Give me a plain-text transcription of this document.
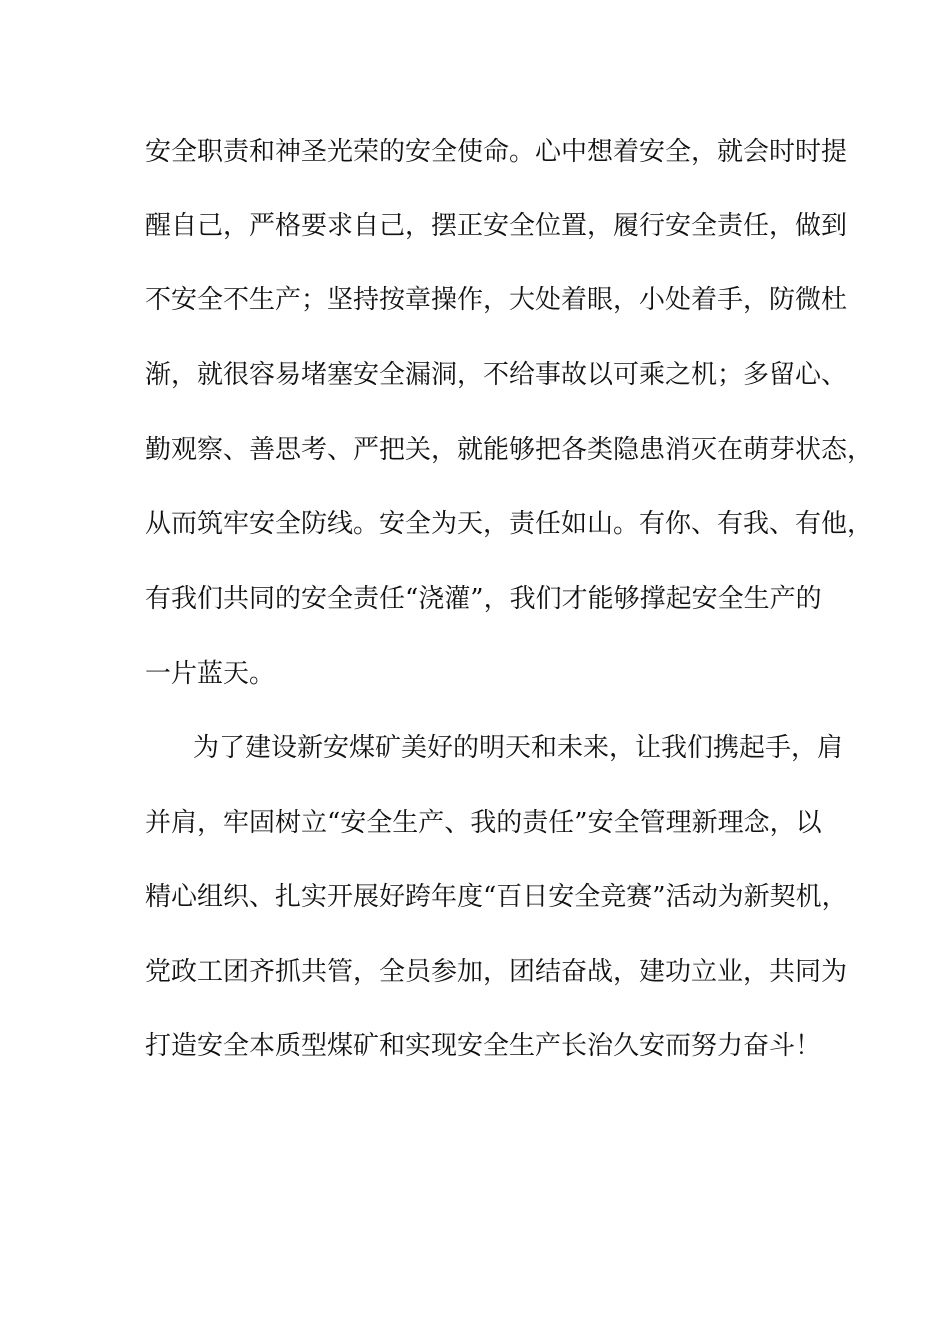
安全职责和神圣光荣的安全使命。心中想着安全，就会时时提
醒自己，严格要求自己，摆正安全位置，履行安全责任，做到
不安全不生产；坚持按章操作，大处着眼，小处着手，防微杜
渐，就很容易堵塞安全漏洞，不给事故以可乘之机；多留心、
勤观察、善思考、严把关，就能够把各类隐患消灭在萌芽状态，
从而筑牢安全防线。安全为天，责任如山。有你、有我、有他，
有我们共同的安全责任“浇灌”，我们才能够撑起安全生产的
一片蓝天。
为了建设新安煤矿美好的明天和未来，让我们携起手，肩
并肩，牢固树立“安全生产、我的责任”安全管理新理念，以
精心组织、扎实开展好跨年度“百日安全竞赛”活动为新契机，
党政工团齐抓共管，全员参加，团结奋战，建功立业，共同为
打造安全本质型煤矿和实现安全生产长治久安而努力奋斗！
